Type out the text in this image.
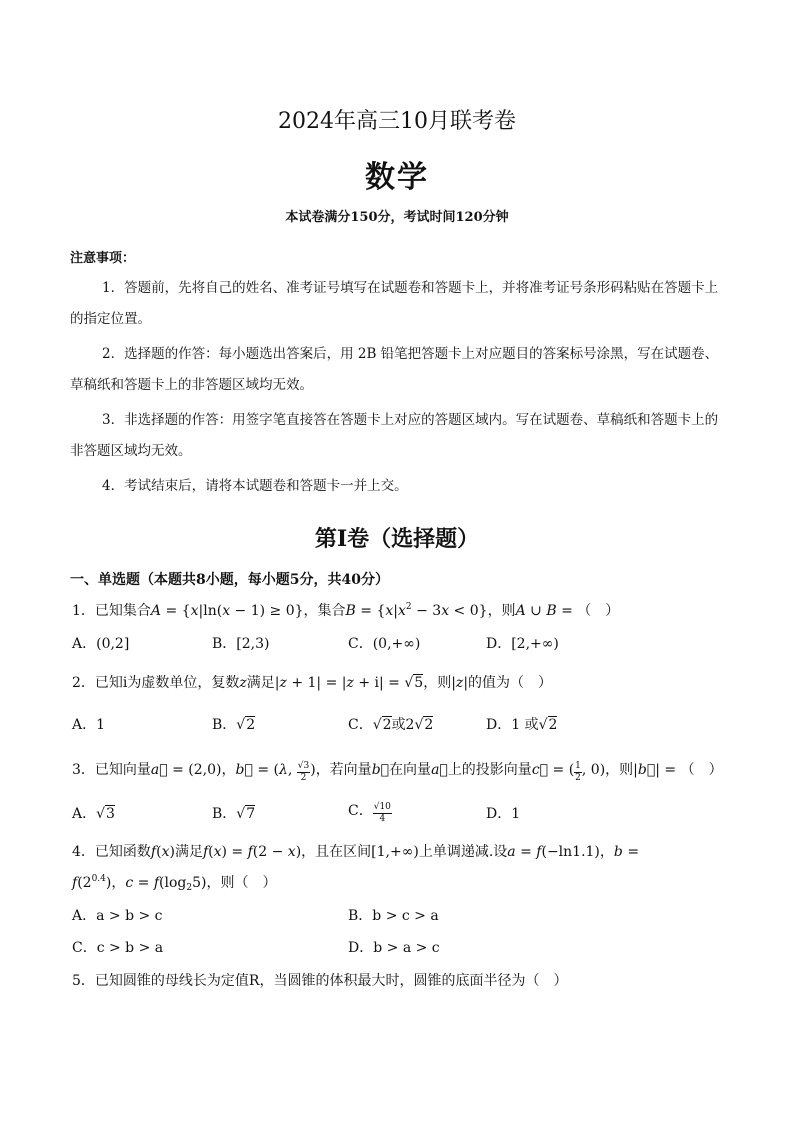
2024年高三10月联考卷
数学
本试卷满分150分，考试时间120分钟
注意事项：
1．答题前，先将自己的姓名、准考证号填写在试题卷和答题卡上，并将准考证号条形码粘贴在答题卡上的指定位置。
2．选择题的作答：每小题选出答案后，用 2B 铅笔把答题卡上对应题目的答案标号涂黑，写在试题卷、草稿纸和答题卡上的非答题区域均无效。
3．非选择题的作答：用签字笔直接答在答题卡上对应的答题区域内。写在试题卷、草稿纸和答题卡上的非答题区域均无效。
4．考试结束后，请将本试题卷和答题卡一并上交。
第Ⅰ卷（选择题）
一、单选题（本题共8小题，每小题5分，共40分）
1．已知集合A = {x|ln(x − 1) ≥ 0}，集合$B = \{x|x^2 - 3x < 0\}$，则A ∪ B = （　）
A．(0,2]	B．[2,3)	C．(0,+∞)	D．[2,+∞)
2．已知i为虚数单位，复数z满足|z + 1| = |z + i| = √5，则|z|的值为（　）
A．1	B．√2	C．√2或2√2	D．1 或√2
3．已知向量a⃗ = (2,0)，b⃗ = (λ, $\frac{√3}{2}$ )，若向量b⃗在向量a⃗上的投影向量c⃗ = ( $\frac{1}{2}$ , 0)，则|b⃗| = （　）
A．√3	B．√7	C． $\frac{√10}{4}$	D．1
4．已知函数f(x)满足f(x) = f(2 − x)，且在区间[1,+∞)上单调递减.设a = f(−ln1.1)，b =
$f(2^{0.4})$，$c = f(\log_25)$，则（　）
A．a > b > c	B．b > c > a
C．c > b > a	D．b > a > c
5．已知圆锥的母线长为定值R，当圆锥的体积最大时，圆锥的底面半径为（　）
